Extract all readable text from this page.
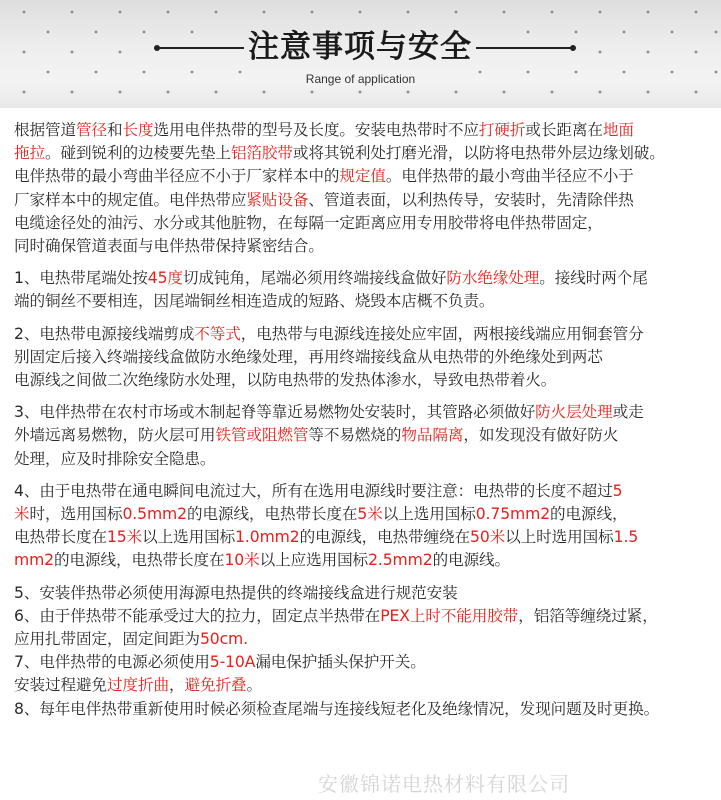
注意事项与安全
Range of application
根据管道管径和长度选用电伴热带的型号及长度。安装电热带时不应打硬折或长距离在地面
拖拉。碰到锐利的边棱要先垫上铝箔胶带或将其锐利处打磨光滑，以防将电热带外层边缘划破。
电伴热带的最小弯曲半径应不小于厂家样本中的规定值。电伴热带的最小弯曲半径应不小于
厂家样本中的规定值。电伴热带应紧贴设备、管道表面，以利热传导，安装时，先清除伴热
电缆途径处的油污、水分或其他脏物，在每隔一定距离应用专用胶带将电伴热带固定，
同时确保管道表面与电伴热带保持紧密结合。
1、电热带尾端处按45度切成钝角，尾端必须用终端接线盒做好防水绝缘处理。接线时两个尾
端的铜丝不要相连，因尾端铜丝相连造成的短路、烧毁本店概不负责。
2、电热带电源接线端剪成不等式，电热带与电源线连接处应牢固，两根接线端应用铜套管分
别固定后接入终端接线盒做防水绝缘处理，再用终端接线盒从电热带的外绝缘处到两芯
电源线之间做二次绝缘防水处理，以防电热带的发热体渗水，导致电热带着火。
3、电伴热带在农村市场或木制起脊等靠近易燃物处安装时，其管路必须做好防火层处理或走
外墙远离易燃物，防火层可用铁管或阻燃管等不易燃烧的物品隔离，如发现没有做好防火
处理，应及时排除安全隐患。
4、由于电热带在通电瞬间电流过大，所有在选用电源线时要注意：电热带的长度不超过5
米时，选用国标0.5mm2的电源线，电热带长度在5米以上选用国标0.75mm2的电源线，
电热带长度在15米以上选用国标1.0mm2的电源线，电热带缠绕在50米以上时选用国标1.5
mm2的电源线，电热带长度在10米以上应选用国标2.5mm2的电源线。
5、安装伴热带必须使用海源电热提供的终端接线盒进行规范安装
6、由于伴热带不能承受过大的拉力，固定点半热带在PEX上时不能用胶带，铝箔等缠绕过紧，
应用扎带固定，固定间距为50cm.
7、电伴热带的电源必须使用5-10A漏电保护插头保护开关。
安装过程避免过度折曲，避免折叠。
8、每年电伴热带重新使用时候必须检查尾端与连接线短老化及绝缘情况，发现问题及时更换。
安徽锦诺电热材料有限公司
